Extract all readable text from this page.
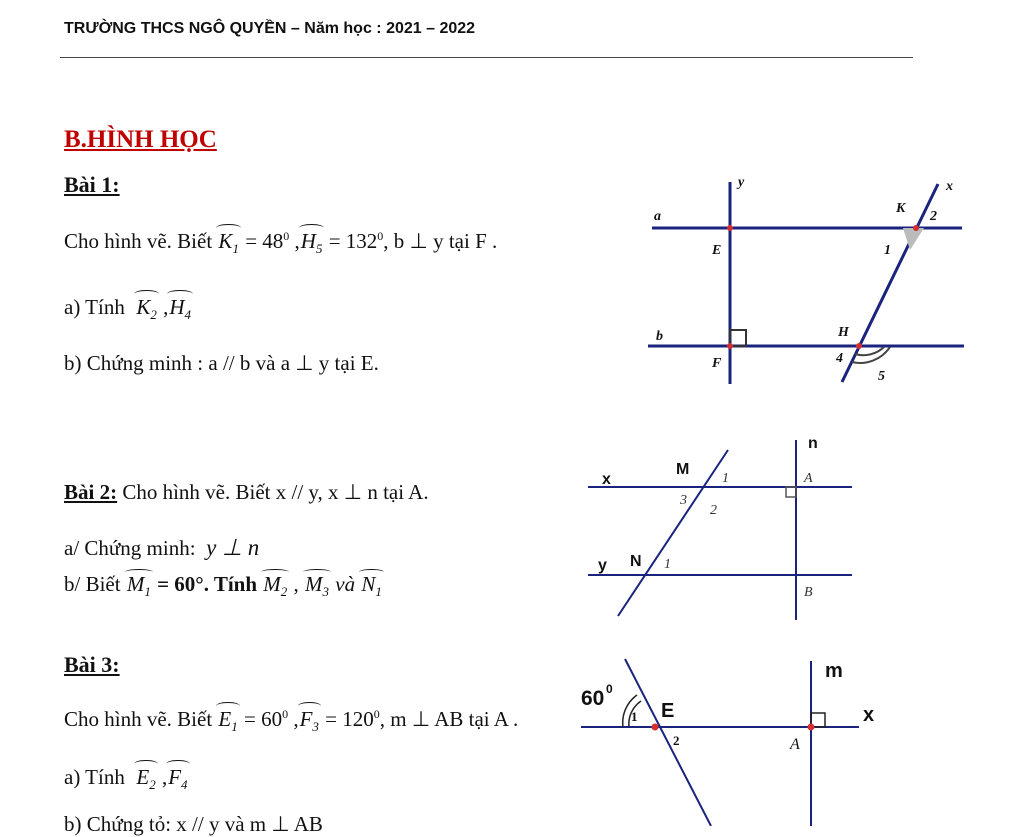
TRƯỜNG THCS NGÔ QUYỀN – Năm học : 2021 – 2022
B.HÌNH HỌC
Bài 1:
Cho hình vẽ. Biết $K_1 = 48^0$ $,H_5 = 132^0$, b ⊥ y tại F .
a) Tính $K_2$ $,H_4$
b) Chứng minh : a // b và a ⊥ y tại E.
y	x
a
b
E
F
K
2
1
H
4
5
Bài 2: Cho hình vẽ. Biết x // y, x ⊥ n tại A.
a/ Chứng minh: y ⊥ n
b/ Biết $M_1 = 60^\circ$. Tính $M_2$ , $M_3$ và $N_1$
n
x
M
y N
A
B
1
3
2
1
Bài 3:
Cho hình vẽ. Biết $E_1 = 60^0$ $,F_3 = 120^0$, m ⊥ AB tại A .
a) Tính $E_2$ $,F_4$
b) Chứng tỏ: x // y và m ⊥ AB
60 0
m
E	x
1
2	A
